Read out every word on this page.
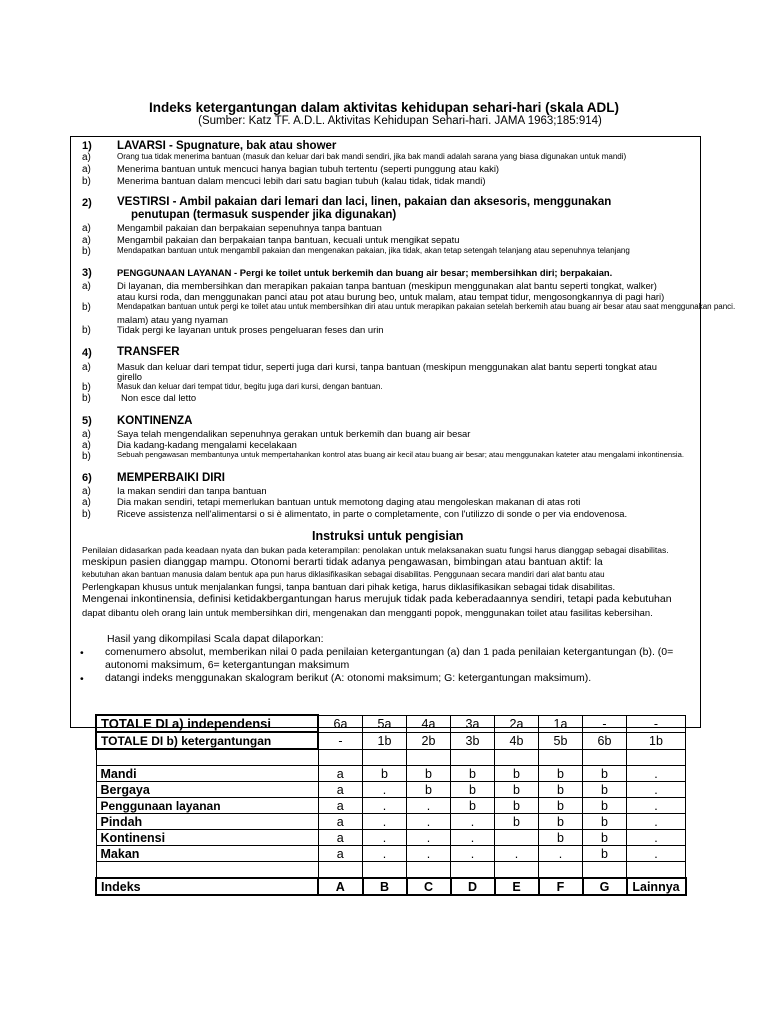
Indeks ketergantungan dalam aktivitas kehidupan sehari-hari (skala ADL)
(Sumber: Katz TF. A.D.L. Aktivitas Kehidupan Sehari-hari. JAMA 1963;185:914)
1) LAVARSI - Spugnature, bak atau shower
a)	Orang tua tidak menerima bantuan (masuk dan keluar dari bak mandi sendiri, jika bak mandi adalah sarana yang biasa digunakan untuk mandi)
a)	Menerima bantuan untuk mencuci hanya bagian tubuh tertentu (seperti punggung atau kaki)
b)	Menerima bantuan dalam mencuci lebih dari satu bagian tubuh (kalau tidak, tidak mandi)
2) VESTIRSI - Ambil pakaian dari lemari dan laci, linen, pakaian dan aksesoris, menggunakan
penutupan (termasuk suspender jika digunakan)
a)	Mengambil pakaian dan berpakaian sepenuhnya tanpa bantuan
a)	Mengambil pakaian dan berpakaian tanpa bantuan, kecuali untuk mengikat sepatu
b)	Mendapatkan bantuan untuk mengambil pakaian dan mengenakan pakaian, jika tidak, akan tetap setengah telanjang atau sepenuhnya telanjang
3)	PENGGUNAAN LAYANAN - Pergi ke toilet untuk berkemih dan buang air besar; membersihkan diri; berpakaian.
a)	Di layanan, dia membersihkan dan merapikan pakaian tanpa bantuan (meskipun menggunakan alat bantu seperti tongkat, walker)
atau kursi roda, dan menggunakan panci atau pot atau burung beo, untuk malam, atau tempat tidur, mengosongkannya di pagi hari)
b)	Mendapatkan bantuan untuk pergi ke toilet atau untuk membersihkan diri atau untuk merapikan pakaian setelah berkemih atau buang air besar atau saat menggunakan panci.
malam) atau yang nyaman
b)	Tidak pergi ke layanan untuk proses pengeluaran feses dan urin
4) TRANSFER
a)	Masuk dan keluar dari tempat tidur, seperti juga dari kursi, tanpa bantuan (meskipun menggunakan alat bantu seperti tongkat atau
girello
b)	Masuk dan keluar dari tempat tidur, begitu juga dari kursi, dengan bantuan.
b)	Non esce dal letto
5) KONTINENZA
a)	Saya telah mengendalikan sepenuhnya gerakan untuk berkemih dan buang air besar
a)	Dia kadang-kadang mengalami kecelakaan
b)	Sebuah pengawasan membantunya untuk mempertahankan kontrol atas buang air kecil atau buang air besar; atau menggunakan kateter atau mengalami inkontinensia.
6) MEMPERBAIKI DIRI
a)	Ia makan sendiri dan tanpa bantuan
a)	Dia makan sendiri, tetapi memerlukan bantuan untuk memotong daging atau mengoleskan makanan di atas roti
b)	Riceve assistenza nell'alimentarsi o si è alimentato, in parte o completamente, con l'utilizzo di sonde o per via endovenosa.
Instruksi untuk pengisian
Penilaian didasarkan pada keadaan nyata dan bukan pada keterampilan: penolakan untuk melaksanakan suatu fungsi harus dianggap sebagai disabilitas.
meskipun pasien dianggap mampu. Otonomi berarti tidak adanya pengawasan, bimbingan atau bantuan aktif: la
kebutuhan akan bantuan manusia dalam bentuk apa pun harus diklasifikasikan sebagai disabilitas. Penggunaan secara mandiri dari alat bantu atau
Perlengkapan khusus untuk menjalankan fungsi, tanpa bantuan dari pihak ketiga, harus diklasifikasikan sebagai tidak disabilitas.
Mengenai inkontinensia, definisi ketidakbergantungan harus merujuk tidak pada keberadaannya sendiri, tetapi pada kebutuhan
dapat dibantu oleh orang lain untuk membersihkan diri, mengenakan dan mengganti popok, menggunakan toilet atau fasilitas kebersihan.
Hasil yang dikompilasi Scala dapat dilaporkan:
• comenumero absolut, memberikan nilai 0 pada penilaian ketergantungan (a) dan 1 pada penilaian ketergantungan (b). (0=
autonomi maksimum, 6= ketergantungan maksimum
• datangi indeks menggunakan skalogram berikut (A: otonomi maksimum; G: ketergantungan maksimum).
TOTALE DI a) independensi	6a	5a	4a	3a	2a	1a	-	-
TOTALE DI b) ketergantungan	-	1b	2b	3b	4b	5b	6b	1b

Mandi	a	b	b	b	b	b	b	.
Bergaya	a	.	b	b	b	b	b	.
Penggunaan layanan	a	.	.	b	b	b	b	.
Pindah	a	.	.	.	b	b	b	.
Kontinensi	a	.	.	.		b	b	.
Makan	a	.	.	.	.	.	b	.

Indeks	A	B	C	D	E	F	G	Lainnya
